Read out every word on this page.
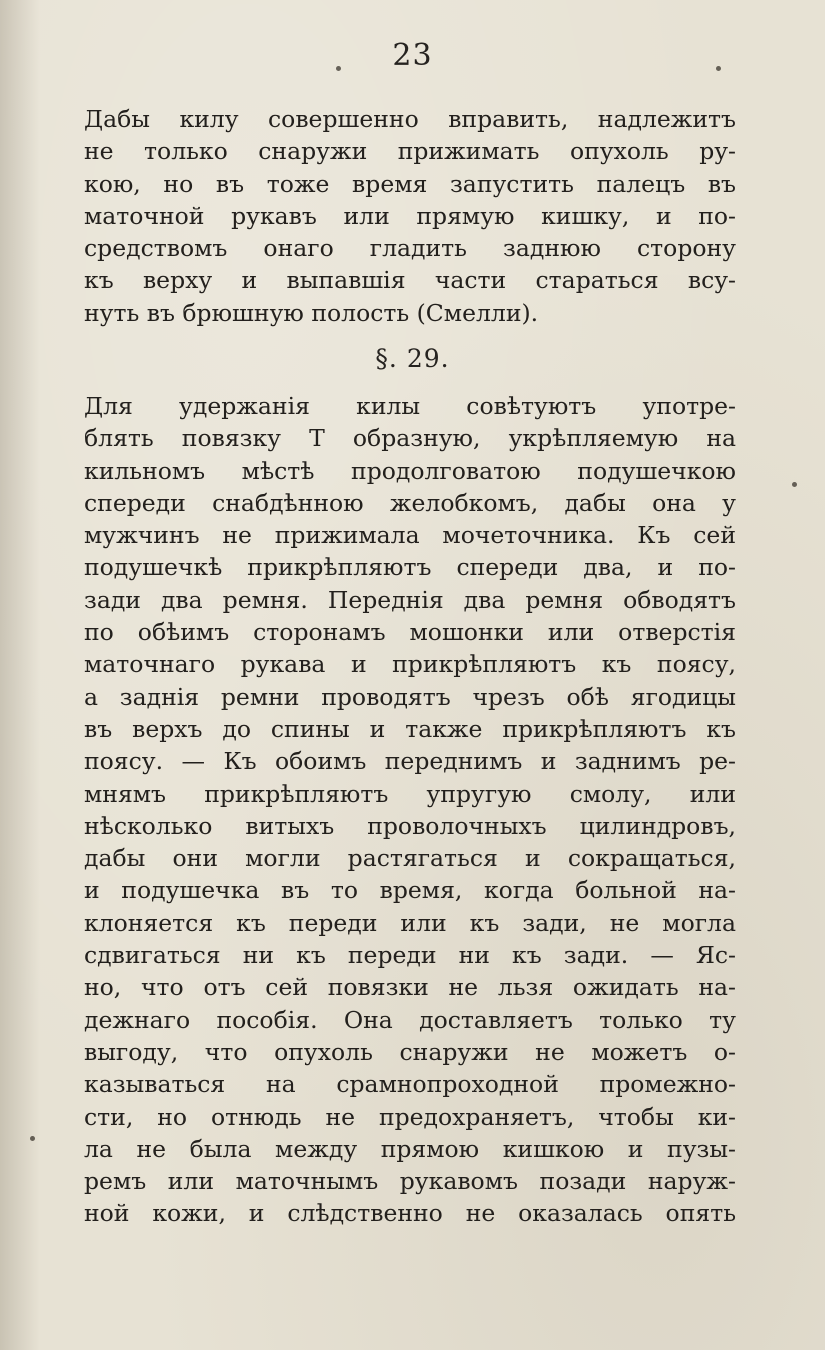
23
Дабы килу совершенно вправить, надлежитъ
не только снаружи прижимать опухоль ру-
кою, но въ тоже время запустить палецъ въ
маточной рукавъ или прямую кишку, и по-
средствомъ онаго гладить заднюю сторону
къ верху и выпавшія части стараться всу-
нуть въ брюшную полость (Смелли).
§. 29.
Для удержанія килы совѣтуютъ употре-
блять повязку Т образную, укрѣпляемую на
кильномъ мѣстѣ продолговатою подушечкою
спереди снабдѣнною желобкомъ, дабы она у
мужчинъ не прижимала мочеточника. Къ сей
подушечкѣ прикрѣпляютъ спереди два, и по-
зади два ремня. Переднія два ремня обводятъ
по обѣимъ сторонамъ мошонки или отверстія
маточнаго рукава и прикрѣпляютъ къ поясу,
а заднія ремни проводятъ чрезъ обѣ ягодицы
въ верхъ до спины и также прикрѣпляютъ къ
поясу. — Къ обоимъ переднимъ и заднимъ ре-
мнямъ прикрѣпляютъ упругую смолу, или
нѣсколько витыхъ проволочныхъ цилиндровъ,
дабы они могли растягаться и сокращаться,
и подушечка въ то время, когда больной на-
клоняется къ переди или къ зади, не могла
сдвигаться ни къ переди ни къ зади. — Яс-
но, что отъ сей повязки не льзя ожидать на-
дежнаго пособія. Она доставляетъ только ту
выгоду, что опухоль снаружи не можетъ о-
казываться на срамнопроходной промежно-
сти, но отнюдь не предохраняетъ, чтобы ки-
ла не была между прямою кишкою и пузы-
ремъ или маточнымъ рукавомъ позади наруж-
ной кожи, и слѣдственно не оказалась опять
